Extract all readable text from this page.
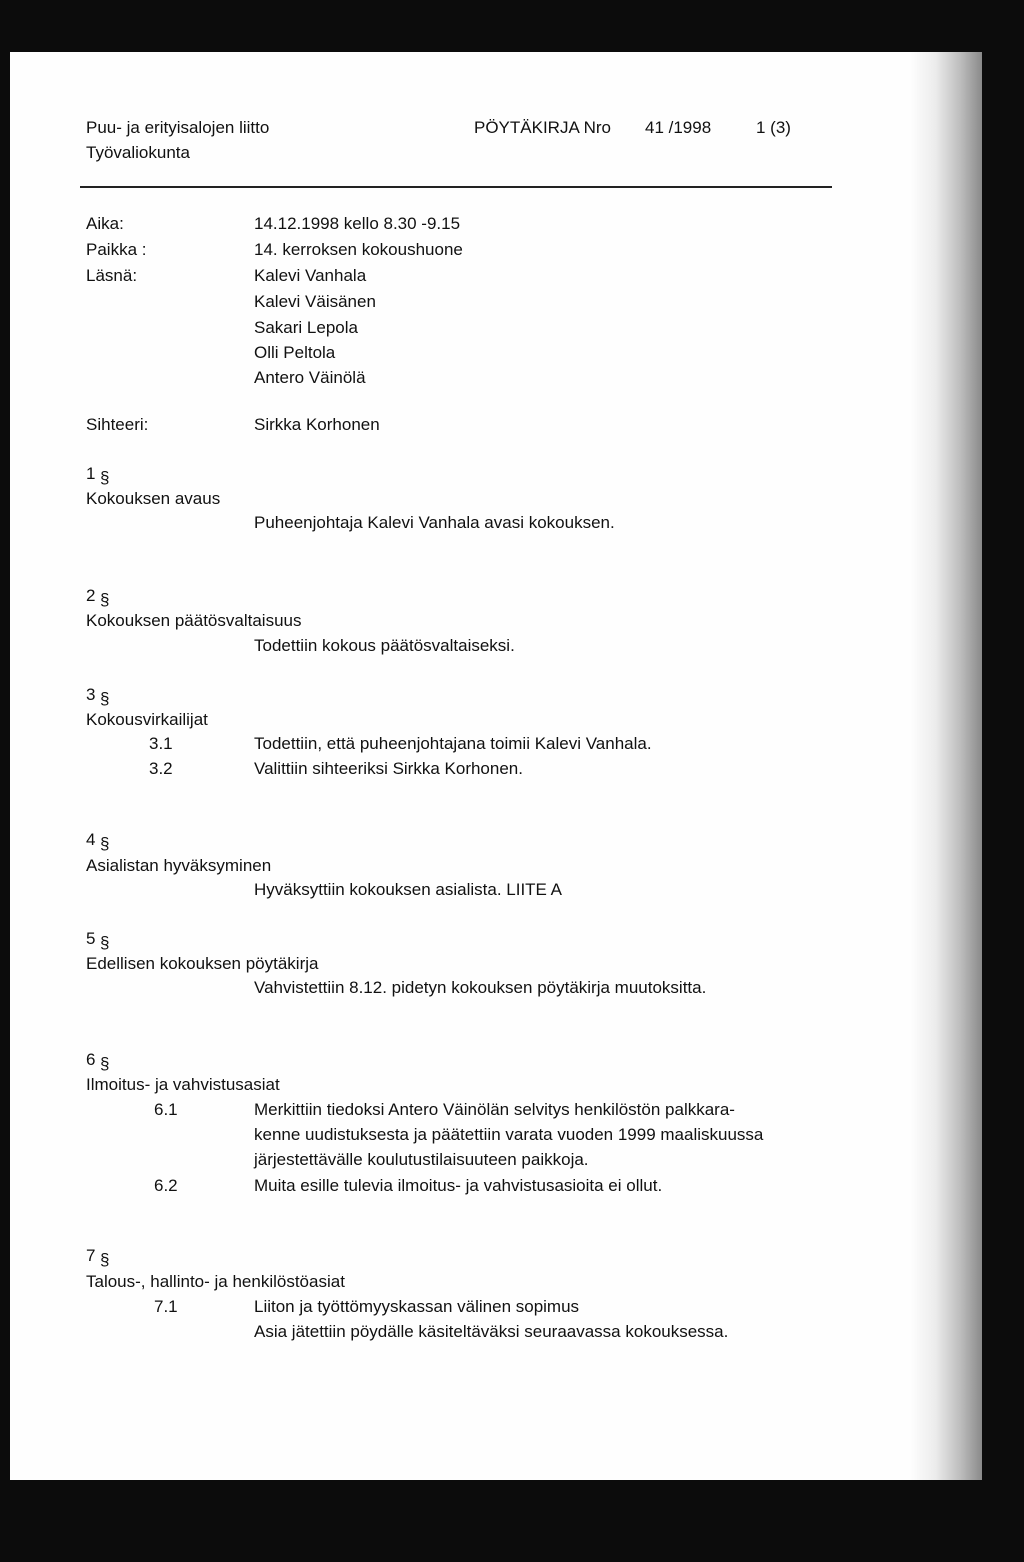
Puu- ja erityisalojen liitto
Työvaliokunta
PÖYTÄKIRJA Nro 41 /1998	1 (3)
Aika:	14.12.1998 kello 8.30 -9.15
Paikka :	14. kerroksen kokoushuone
Läsnä:	Kalevi Vanhala
Kalevi Väisänen
Sakari Lepola
Olli Peltola
Antero Väinölä
Sihteeri:	Sirkka Korhonen
1 §
Kokouksen avaus
Puheenjohtaja Kalevi Vanhala avasi kokouksen.
2 §
Kokouksen päätösvaltaisuus
Todettiin kokous päätösvaltaiseksi.
3 §
Kokousvirkailijat
3.1	Todettiin, että puheenjohtajana toimii Kalevi Vanhala.
3.2	Valittiin sihteeriksi Sirkka Korhonen.
4 §
Asialistan hyväksyminen
Hyväksyttiin kokouksen asialista. LIITE A
5 §
Edellisen kokouksen pöytäkirja
Vahvistettiin 8.12. pidetyn kokouksen pöytäkirja muutoksitta.
6 §
Ilmoitus- ja vahvistusasiat
6.1	Merkittiin tiedoksi Antero Väinölän selvitys henkilöstön palkkara-
kenne uudistuksesta ja päätettiin varata vuoden 1999 maaliskuussa
järjestettävälle koulutustilaisuuteen paikkoja.
6.2	Muita esille tulevia ilmoitus- ja vahvistusasioita ei ollut.
7 §
Talous-, hallinto- ja henkilöstöasiat
7.1	Liiton ja työttömyyskassan välinen sopimus
Asia jätettiin pöydälle käsiteltäväksi seuraavassa kokouksessa.
